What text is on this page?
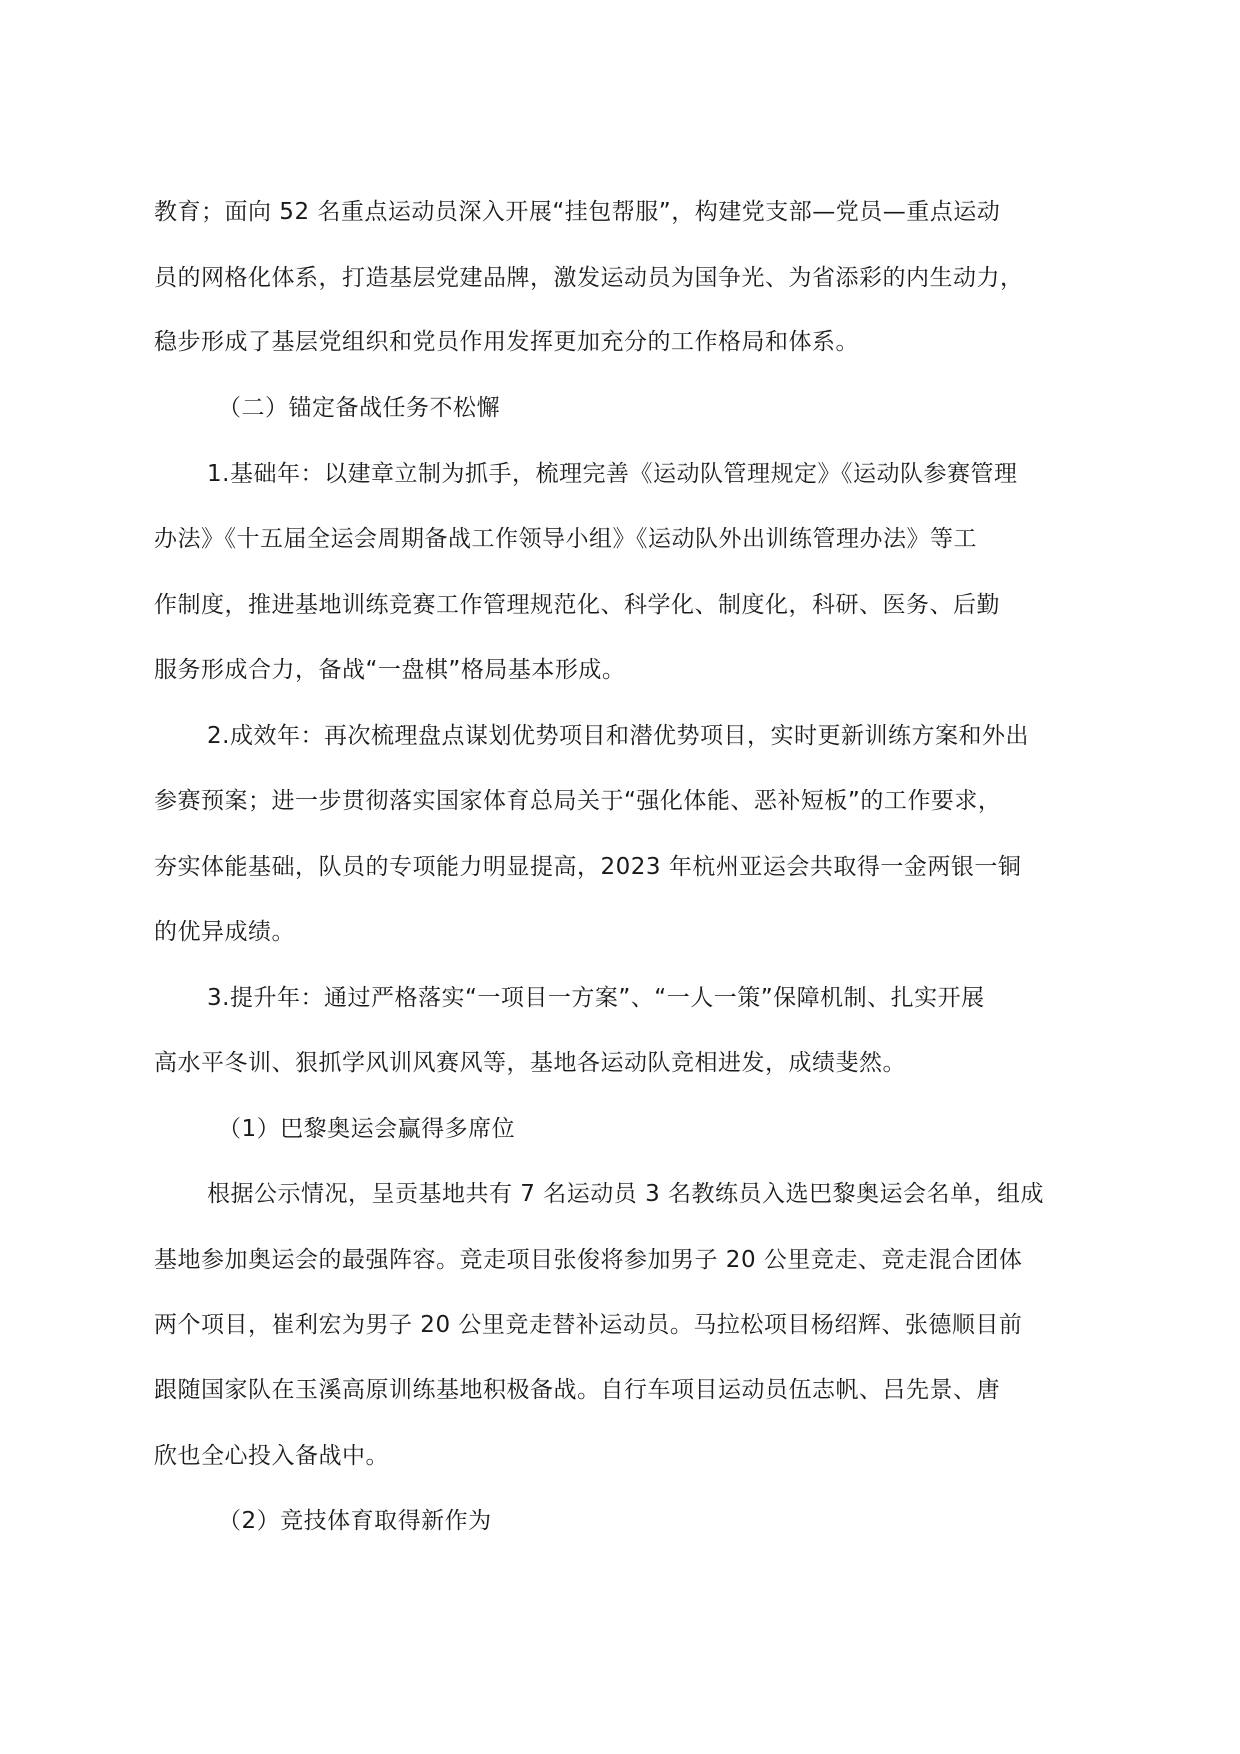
教育；面向 52 名重点运动员深入开展“挂包帮服”，构建党支部—党员—重点运动
员的网格化体系，打造基层党建品牌，激发运动员为国争光、为省添彩的内生动力，
稳步形成了基层党组织和党员作用发挥更加充分的工作格局和体系。
（二）锚定备战任务不松懈
1.基础年：以建章立制为抓手，梳理完善《运动队管理规定》《运动队参赛管理
办法》《十五届全运会周期备战工作领导小组》《运动队外出训练管理办法》等工
作制度，推进基地训练竞赛工作管理规范化、科学化、制度化，科研、医务、后勤
服务形成合力，备战“一盘棋”格局基本形成。
2.成效年：再次梳理盘点谋划优势项目和潜优势项目，实时更新训练方案和外出
参赛预案；进一步贯彻落实国家体育总局关于“强化体能、恶补短板”的工作要求，
夯实体能基础，队员的专项能力明显提高，2023 年杭州亚运会共取得一金两银一铜
的优异成绩。
3.提升年：通过严格落实“一项目一方案”、“一人一策”保障机制、扎实开展
高水平冬训、狠抓学风训风赛风等，基地各运动队竞相进发，成绩斐然。
（1）巴黎奥运会赢得多席位
根据公示情况，呈贡基地共有 7 名运动员 3 名教练员入选巴黎奥运会名单，组成
基地参加奥运会的最强阵容。竞走项目张俊将参加男子 20 公里竞走、竞走混合团体
两个项目，崔利宏为男子 20 公里竞走替补运动员。马拉松项目杨绍辉、张德顺目前
跟随国家队在玉溪高原训练基地积极备战。自行车项目运动员伍志帆、吕先景、唐
欣也全心投入备战中。
（2）竞技体育取得新作为
